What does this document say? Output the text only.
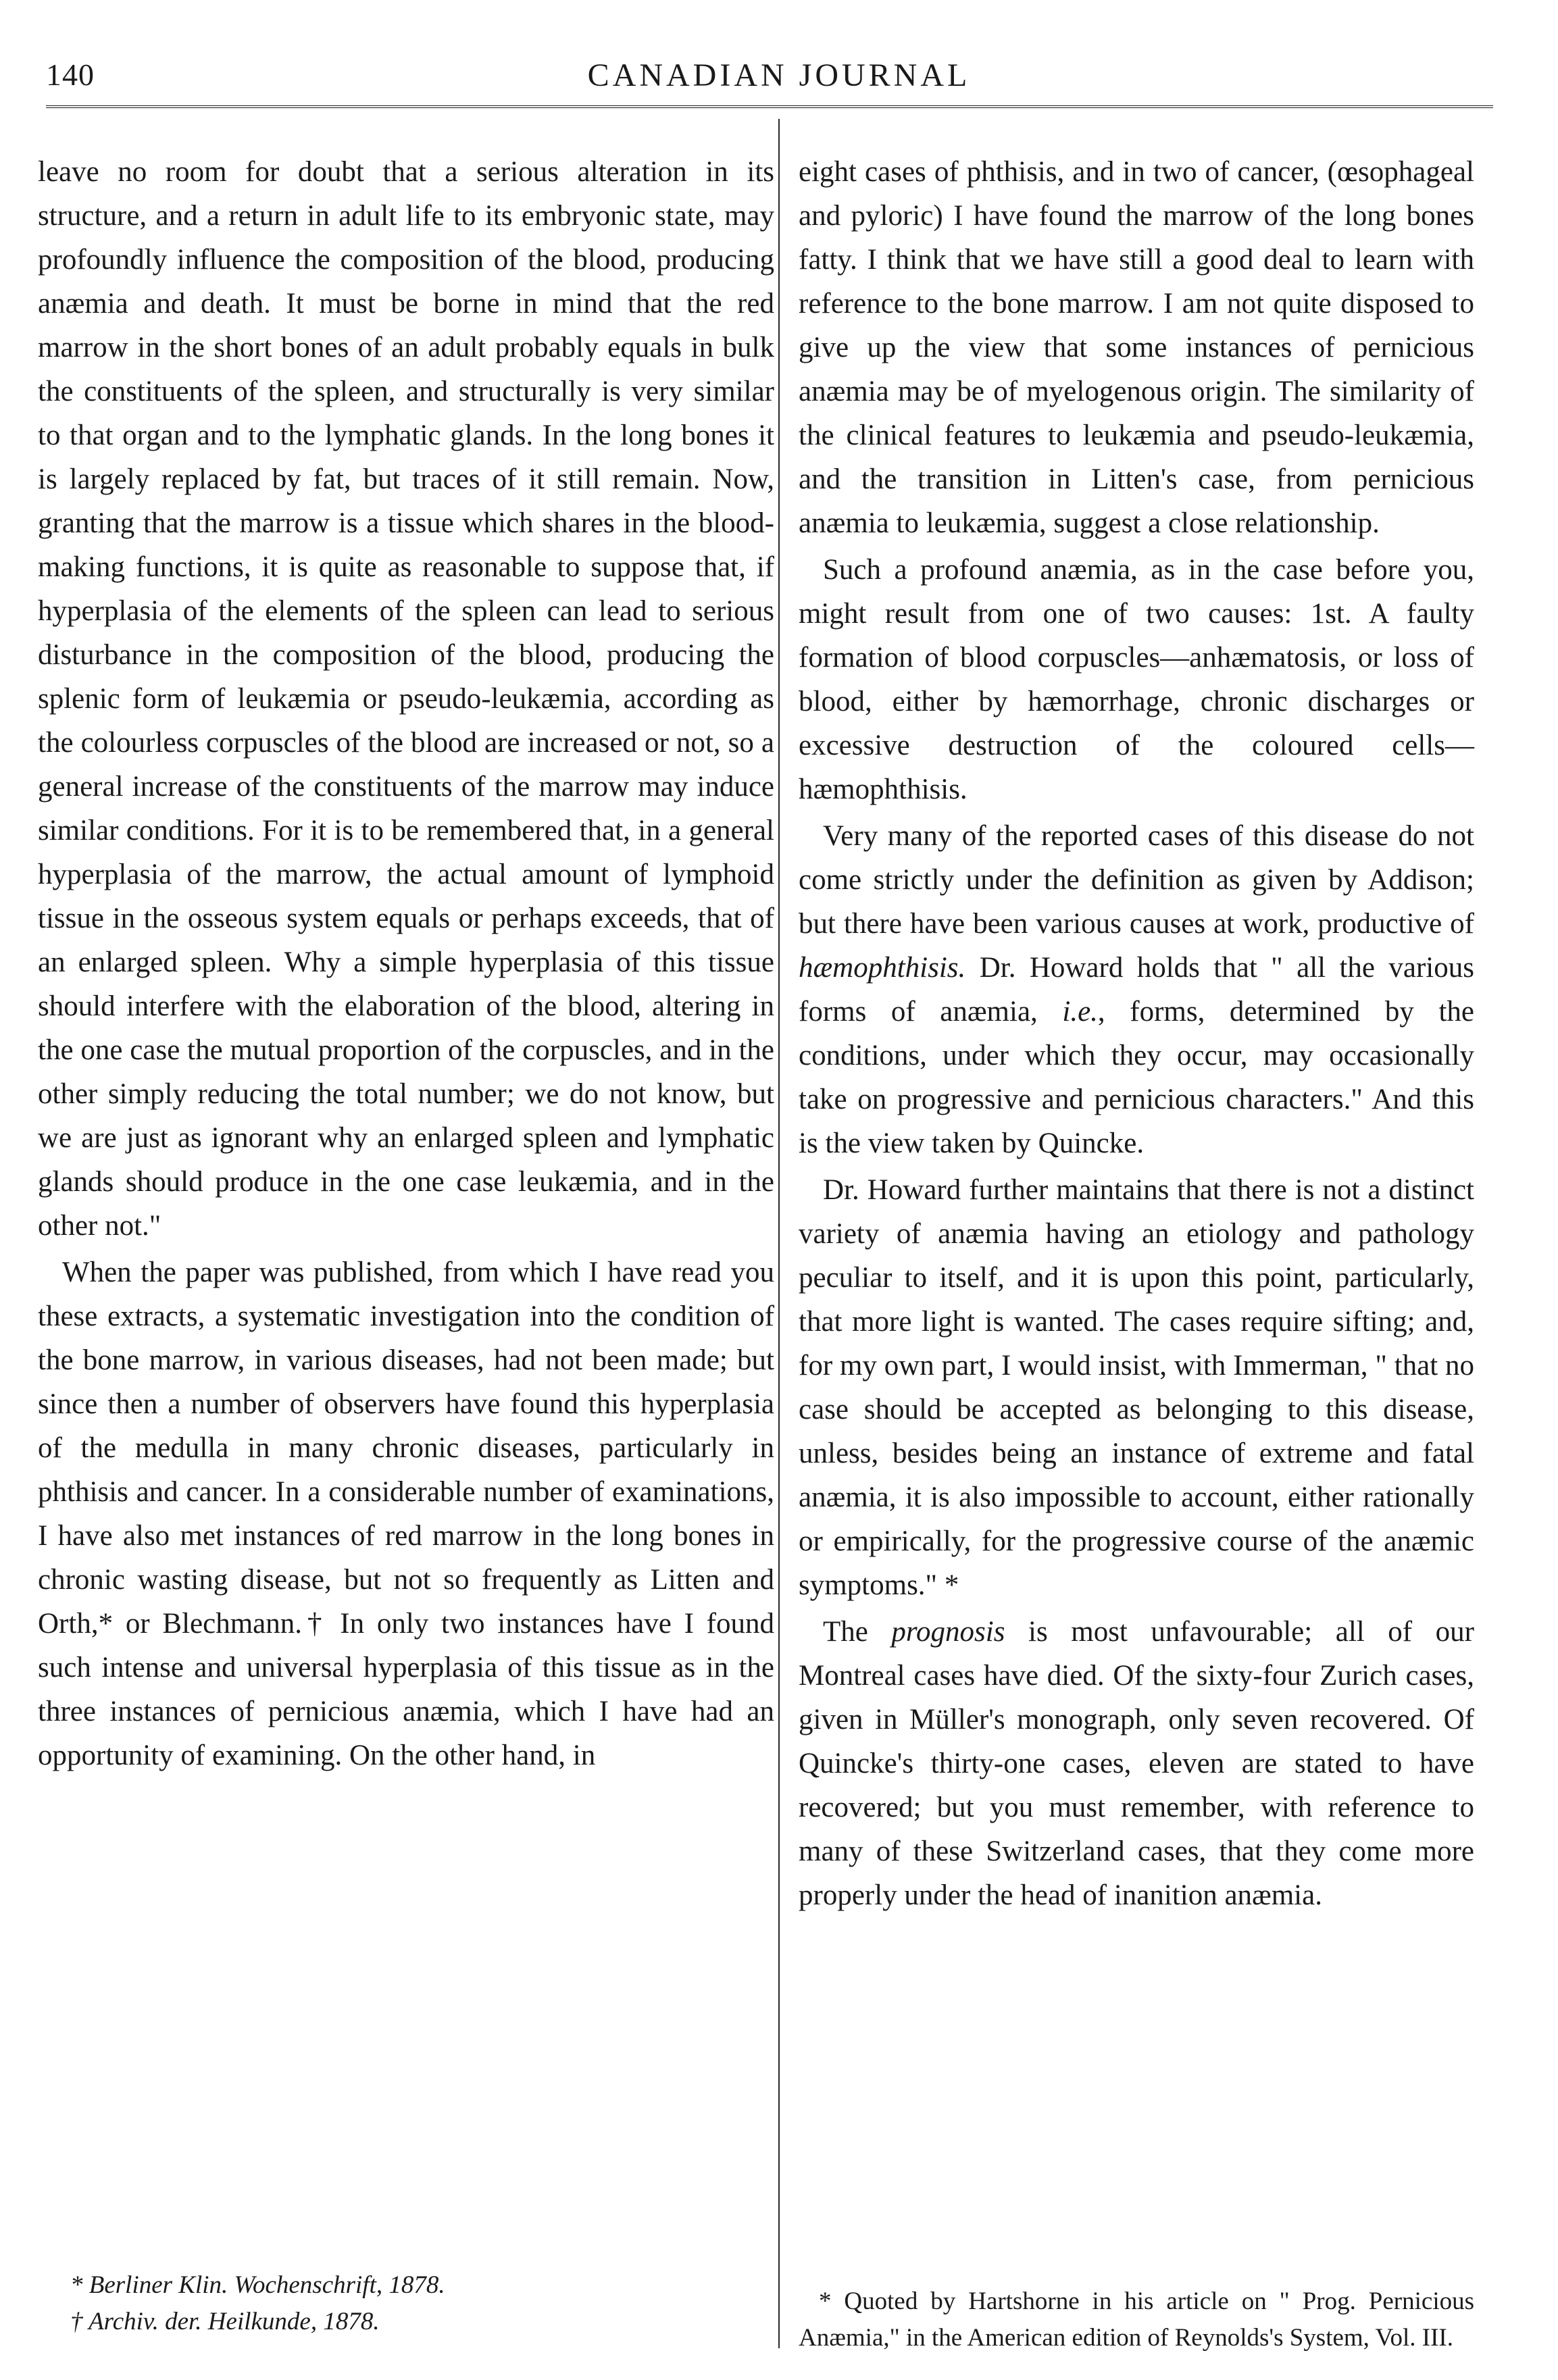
140	CANADIAN JOURNAL

leave no room for doubt that a serious alteration in its structure, and a return in adult life to its embryonic state, may profoundly influence the composition of the blood, producing anæmia and death. It must be borne in mind that the red marrow in the short bones of an adult probably equals in bulk the constituents of the spleen, and structurally is very similar to that organ and to the lymphatic glands. In the long bones it is largely replaced by fat, but traces of it still remain. Now, granting that the marrow is a tissue which shares in the blood-making functions, it is quite as reasonable to suppose that, if hyperplasia of the elements of the spleen can lead to serious disturbance in the composition of the blood, producing the splenic form of leukæmia or pseudo-leukæmia, according as the colourless corpuscles of the blood are increased or not, so a general increase of the constituents of the marrow may induce similar conditions. For it is to be remembered that, in a general hyperplasia of the marrow, the actual amount of lymphoid tissue in the osseous system equals or perhaps exceeds, that of an enlarged spleen. Why a simple hyperplasia of this tissue should interfere with the elaboration of the blood, altering in the one case the mutual proportion of the corpuscles, and in the other simply reducing the total number; we do not know, but we are just as ignorant why an enlarged spleen and lymphatic glands should produce in the one case leukæmia, and in the other not."

When the paper was published, from which I have read you these extracts, a systematic investigation into the condition of the bone marrow, in various diseases, had not been made; but since then a number of observers have found this hyperplasia of the medulla in many chronic diseases, particularly in phthisis and cancer. In a considerable number of examinations, I have also met instances of red marrow in the long bones in chronic wasting disease, but not so frequently as Litten and Orth,* or Blechmann.† In only two instances have I found such intense and universal hyperplasia of this tissue as in the three instances of pernicious anæmia, which I have had an opportunity of examining. On the other hand, in

eight cases of phthisis, and in two of cancer, (œsophageal and pyloric) I have found the marrow of the long bones fatty. I think that we have still a good deal to learn with reference to the bone marrow. I am not quite disposed to give up the view that some instances of pernicious anæmia may be of myelogenous origin. The similarity of the clinical features to leukæmia and pseudo-leukæmia, and the transition in Litten's case, from pernicious anæmia to leukæmia, suggest a close relationship.

Such a profound anæmia, as in the case before you, might result from one of two causes: 1st. A faulty formation of blood corpuscles—anhæmatosis, or loss of blood, either by hæmorrhage, chronic discharges or excessive destruction of the coloured cells—hæmophthisis.

Very many of the reported cases of this disease do not come strictly under the definition as given by Addison; but there have been various causes at work, productive of hæmophthisis. Dr. Howard holds that " all the various forms of anæmia, i.e., forms, determined by the conditions, under which they occur, may occasionally take on progressive and pernicious characters." And this is the view taken by Quincke.

Dr. Howard further maintains that there is not a distinct variety of anæmia having an etiology and pathology peculiar to itself, and it is upon this point, particularly, that more light is wanted. The cases require sifting; and, for my own part, I would insist, with Immerman, " that no case should be accepted as belonging to this disease, unless, besides being an instance of extreme and fatal anæmia, it is also impossible to account, either rationally or empirically, for the progressive course of the anæmic symptoms." *

The prognosis is most unfavourable; all of our Montreal cases have died. Of the sixty-four Zurich cases, given in Müller's monograph, only seven recovered. Of Quincke's thirty-one cases, eleven are stated to have recovered; but you must remember, with reference to many of these Switzerland cases, that they come more properly under the head of inanition anæmia.

* Berliner Klin. Wochenschrift, 1878.

† Archiv. der. Heilkunde, 1878.

* Quoted by Hartshorne in his article on " Prog. Pernicious Anæmia," in the American edition of Reynolds's System, Vol. III.
